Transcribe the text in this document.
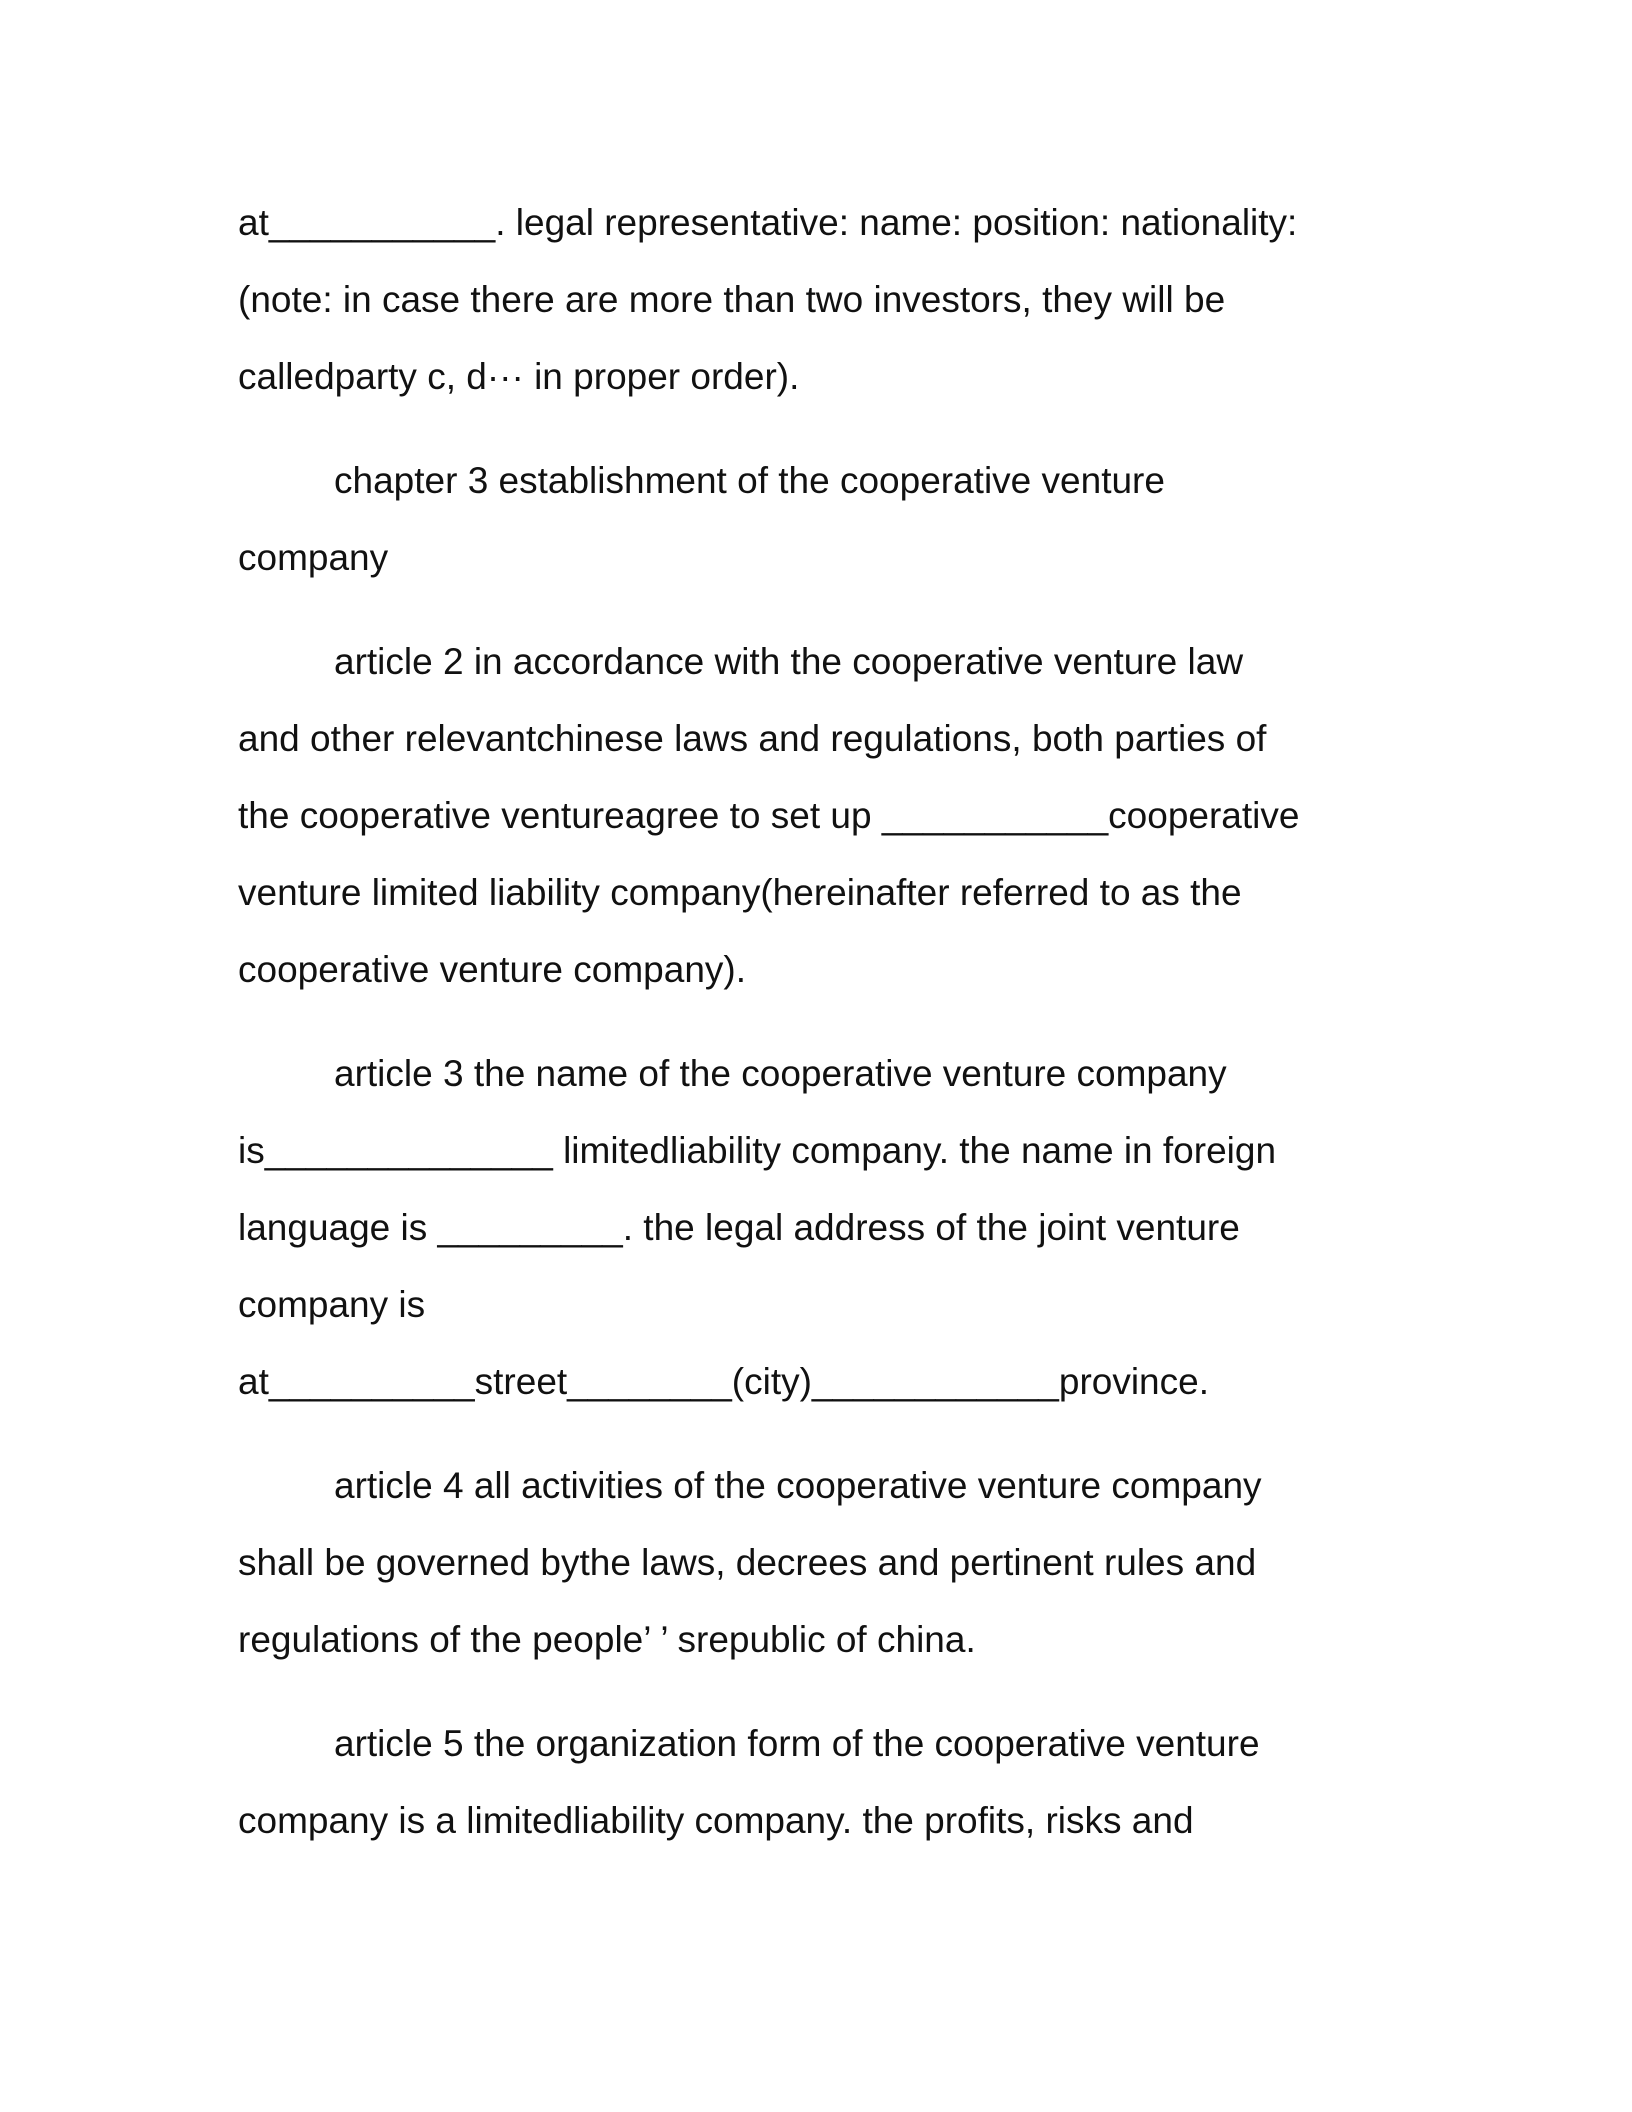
at___________. legal representative: name: position: nationality:
(note: in case there are more than two investors, they will be
calledparty c, d··· in proper order).
chapter 3 establishment of the cooperative venture
company
article 2 in accordance with the cooperative venture law
and other relevantchinese laws and regulations, both parties of
the cooperative ventureagree to set up ___________cooperative
venture limited liability company(hereinafter referred to as the
cooperative venture company).
article 3 the name of the cooperative venture company
is______________ limitedliability company. the name in foreign
language is _________. the legal address of the joint venture
company is
at__________street________(city)____________province.
article 4 all activities of the cooperative venture company
shall be governed bythe laws, decrees and pertinent rules and
regulations of the people’ ’ srepublic of china.
article 5 the organization form of the cooperative venture
company is a limitedliability company. the profits, risks and
